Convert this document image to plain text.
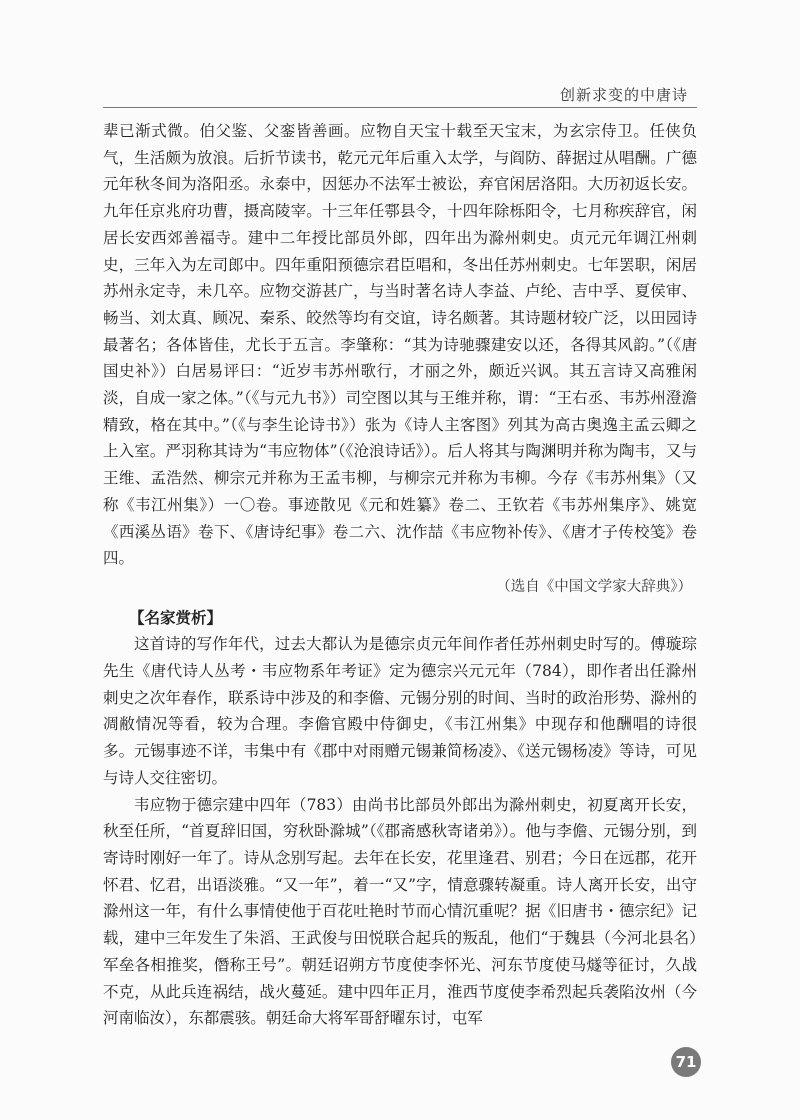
创新求变的中唐诗

辈已渐式微。伯父鉴、父銮皆善画。应物自天宝十载至天宝末，为玄宗侍卫。任侠负气，生活颇为放浪。后折节读书，乾元元年后重入太学，与阎防、薛据过从唱酬。广德元年秋冬间为洛阳丞。永泰中，因惩办不法军士被讼，弃官闲居洛阳。大历初返长安。九年任京兆府功曹，摄高陵宰。十三年任鄠县令，十四年除栎阳令，七月称疾辞官，闲居长安西郊善福寺。建中二年授比部员外郎，四年出为滁州刺史。贞元元年调江州刺史，三年入为左司郎中。四年重阳预德宗君臣唱和，冬出任苏州刺史。七年罢职，闲居苏州永定寺，未几卒。应物交游甚广，与当时著名诗人李益、卢纶、吉中孚、夏侯审、畅当、刘太真、顾况、秦系、皎然等均有交谊，诗名颇著。其诗题材较广泛，以田园诗最著名；各体皆佳，尤长于五言。李肇称：“其为诗驰骤建安以还，各得其风韵。”（《唐国史补》）白居易评曰：“近岁韦苏州歌行，才丽之外，颇近兴讽。其五言诗又高雅闲淡，自成一家之体。”（《与元九书》）司空图以其与王维并称，谓：“王右丞、韦苏州澄澹精致，格在其中。”（《与李生论诗书》）张为《诗人主客图》列其为高古奥逸主孟云卿之上入室。严羽称其诗为“韦应物体”（《沧浪诗话》）。后人将其与陶渊明并称为陶韦，又与王维、孟浩然、柳宗元并称为王孟韦柳，与柳宗元并称为韦柳。今存《韦苏州集》（又称《韦江州集》）一〇卷。事迹散见《元和姓纂》卷二、王钦若《韦苏州集序》、姚宽《西溪丛语》卷下、《唐诗纪事》卷二六、沈作喆《韦应物补传》、《唐才子传校笺》卷四。

（选自《中国文学家大辞典》）

【名家赏析】

这首诗的写作年代，过去大都认为是德宗贞元年间作者任苏州刺史时写的。傅璇琮先生《唐代诗人丛考・韦应物系年考证》定为德宗兴元元年（784），即作者出任滁州刺史之次年春作，联系诗中涉及的和李儋、元锡分别的时间、当时的政治形势、滁州的凋敝情况等看，较为合理。李儋官殿中侍御史，《韦江州集》中现存和他酬唱的诗很多。元锡事迹不详，韦集中有《郡中对雨赠元锡兼简杨凌》、《送元锡杨凌》等诗，可见与诗人交往密切。

韦应物于德宗建中四年（783）由尚书比部员外郎出为滁州刺史，初夏离开长安，秋至任所，“首夏辞旧国，穷秋卧滁城”（《郡斋感秋寄诸弟》）。他与李儋、元锡分别，到寄诗时刚好一年了。诗从念别写起。去年在长安，花里逢君、别君；今日在远郡，花开怀君、忆君，出语淡雅。“又一年”，着一“又”字，情意骤转凝重。诗人离开长安，出守滁州这一年，有什么事情使他于百花吐艳时节而心情沉重呢？据《旧唐书・德宗纪》记载，建中三年发生了朱滔、王武俊与田悦联合起兵的叛乱，他们“于魏县（今河北县名）军垒各相推奖，僭称王号”。朝廷诏朔方节度使李怀光、河东节度使马燧等征讨，久战不克，从此兵连祸结，战火蔓延。建中四年正月，淮西节度使李希烈起兵袭陷汝州（今河南临汝），东都震骇。朝廷命大将军哥舒曜东讨，屯军

71
